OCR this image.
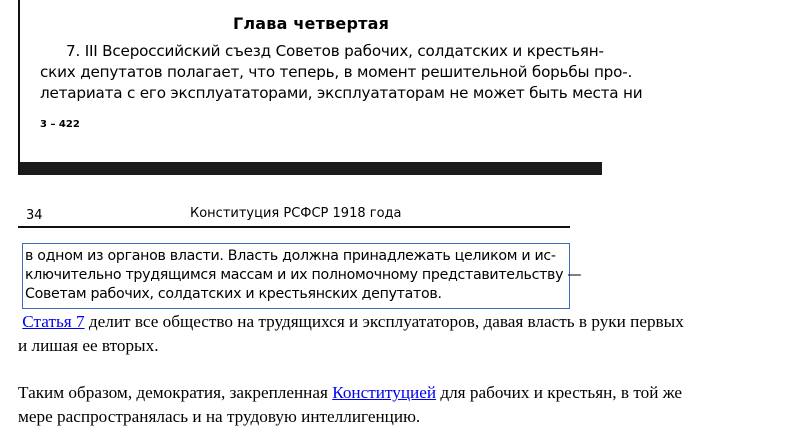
Глава четвертая
7. III Всероссийский съезд Советов рабочих, солдатских и крестьян-
ских депутатов полагает, что теперь, в момент решительной борьбы про-.
летариата с его эксплуататорами, эксплуататорам не может быть места ни
3 – 422
34	Конституция РСФСР 1918 года
в одном из органов власти. Власть должна принадлежать целиком и ис-
ключительно трудящимся массам и их полномочному представительству —
Советам рабочих, солдатских и крестьянских депутатов.
Статья 7 делит все общество на трудящихся и эксплуататоров, давая власть в руки первых
и лишая ее вторых.
Таким образом, демократия, закрепленная Конституцией для рабочих и крестьян, в той же
мере распространялась и на трудовую интеллигенцию.
